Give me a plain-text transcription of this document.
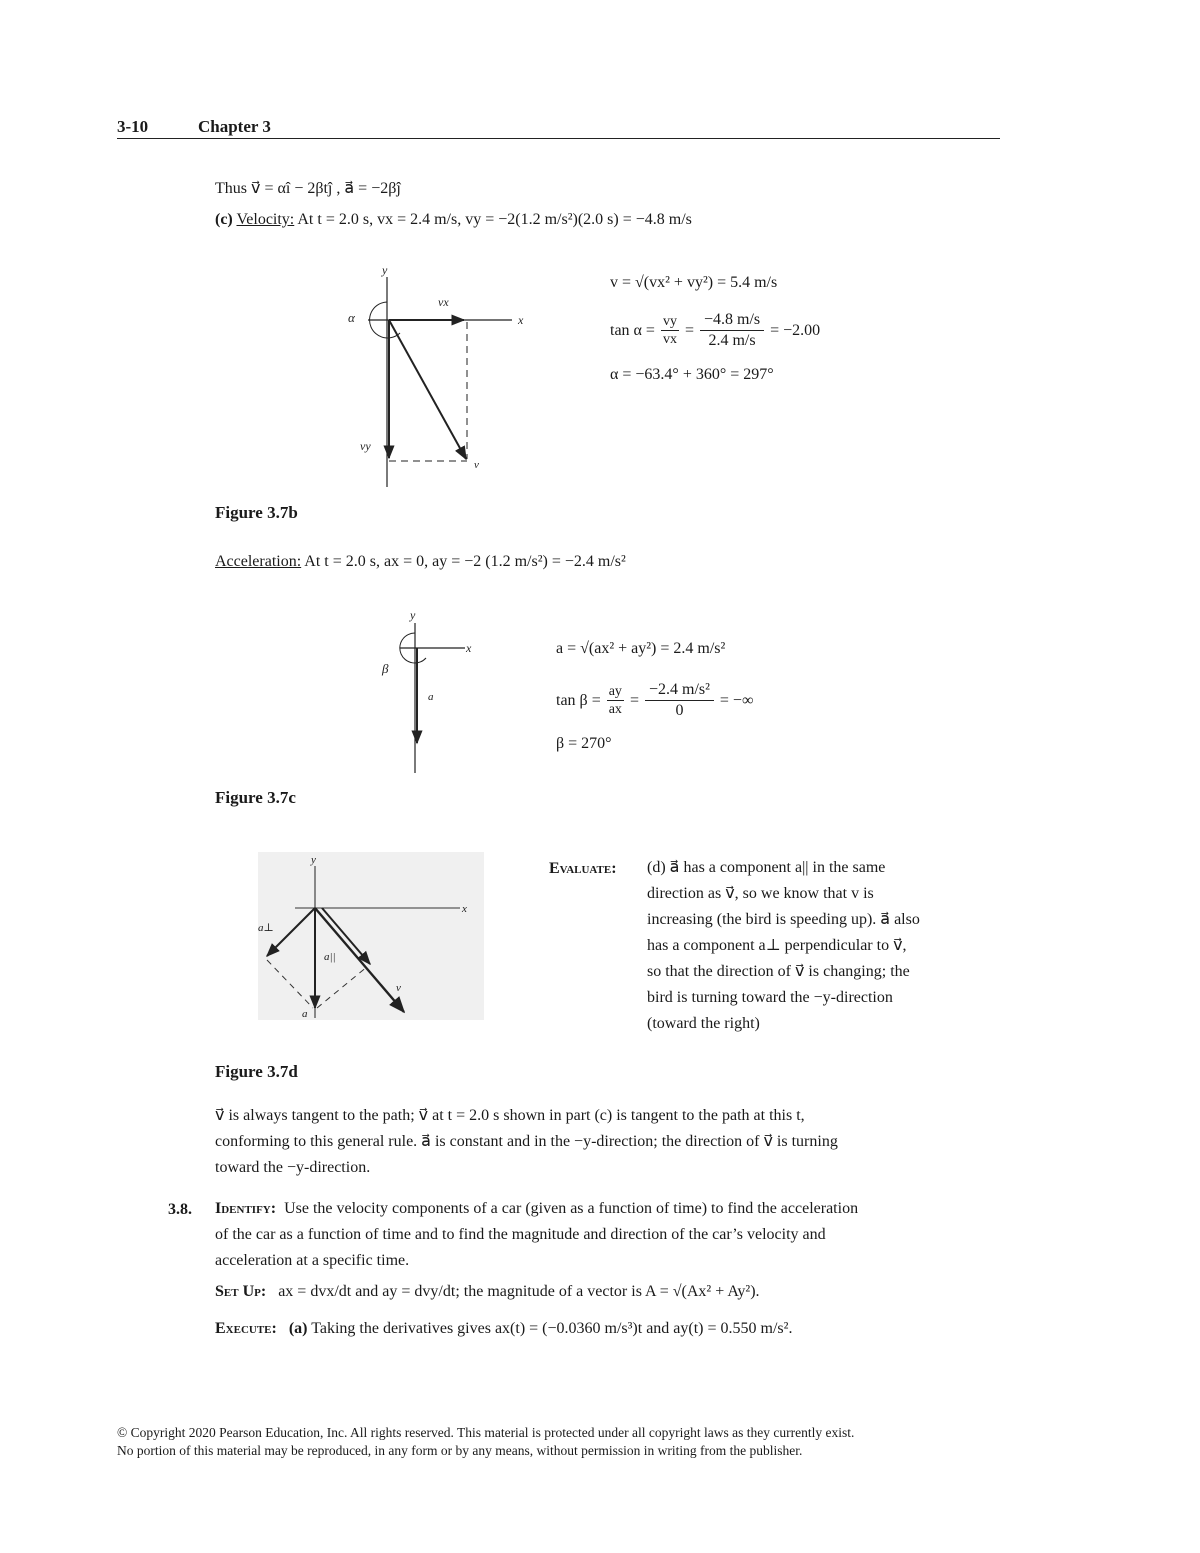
3-10	Chapter 3
Thus v⃗ = αî − 2βtĵ , a⃗ = −2βĵ
(c) Velocity: At t = 2.0 s, vx = 2.4 m/s, vy = −2(1.2 m/s²)(2.0 s) = −4.8 m/s
y
x
α
vx
vy
v
v = √(vx² + vy²) = 5.4 m/s
$\tan \alpha = \frac{vy}{vx} = \frac{-4.8 m/s}{2.4 m/s} = -2.00$
α = −63.4° + 360° = 297°
Figure 3.7b
Acceleration: At t = 2.0 s, ax = 0, ay = −2 (1.2 m/s²) = −2.4 m/s²
y
x
β
a
a = √(ax² + ay²) = 2.4 m/s²
$\tan \beta = \frac{ay}{ax} = \frac{\text{−2.4 m/s²}}{0}$ = −∞
β = 270°
Figure 3.7c
y
x
a⊥
a||
v
a
Figure 3.7d
Evaluate: (d) a⃗ has a component a|| in the same
direction as v⃗, so we know that v is
increasing (the bird is speeding up). a⃗ also
has a component a⊥ perpendicular to v⃗,
so that the direction of v⃗ is changing; the
bird is turning toward the −y-direction
(toward the right)
v⃗ is always tangent to the path; v⃗ at t = 2.0 s shown in part (c) is tangent to the path at this t,
conforming to this general rule. a⃗ is constant and in the −y-direction; the direction of v⃗ is turning
toward the −y-direction.
3.8. Identify: Use the velocity components of a car (given as a function of time) to find the acceleration
of the car as a function of time and to find the magnitude and direction of the car’s velocity and
acceleration at a specific time.
Set Up: ax = dvx/dt and ay = dvy/dt; the magnitude of a vector is A = √(Ax² + Ay²).
Execute: (a) Taking the derivatives gives ax(t) = (−0.0360 m/s³)t and ay(t) = 0.550 m/s².
© Copyright 2020 Pearson Education, Inc. All rights reserved. This material is protected under all copyright laws as they currently exist.
No portion of this material may be reproduced, in any form or by any means, without permission in writing from the publisher.
